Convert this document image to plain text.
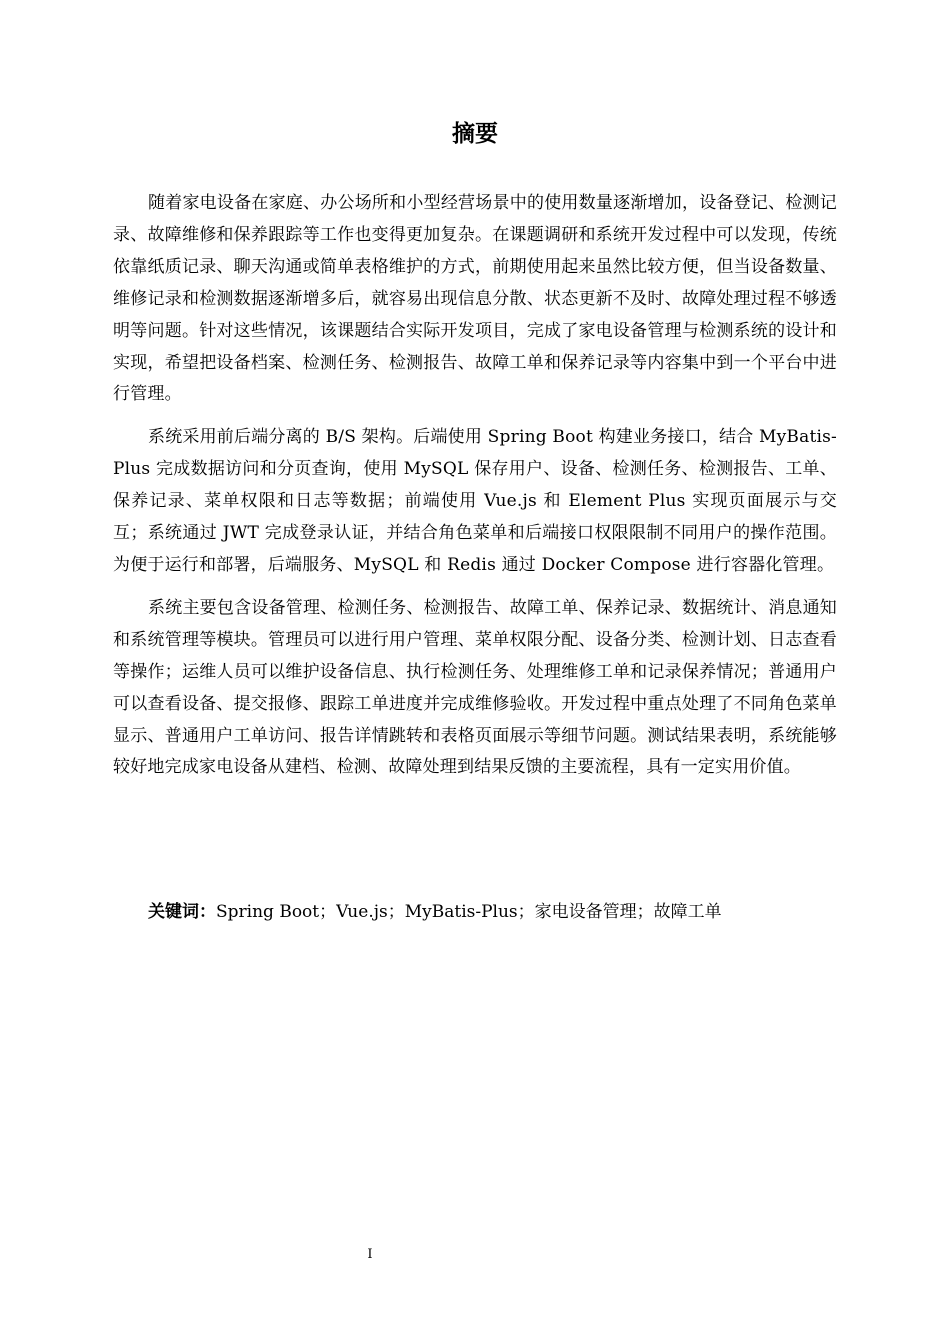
摘要

随着家电设备在家庭、办公场所和小型经营场景中的使用数量逐渐增加，设备登记、检测记录、故障维修和保养跟踪等工作也变得更加复杂。在课题调研和系统开发过程中可以发现，传统依靠纸质记录、聊天沟通或简单表格维护的方式，前期使用起来虽然比较方便，但当设备数量、维修记录和检测数据逐渐增多后，就容易出现信息分散、状态更新不及时、故障处理过程不够透明等问题。针对这些情况，该课题结合实际开发项目，完成了家电设备管理与检测系统的设计和实现，希望把设备档案、检测任务、检测报告、故障工单和保养记录等内容集中到一个平台中进行管理。

系统采用前后端分离的 B/S 架构。后端使用 Spring Boot 构建业务接口，结合 MyBatis-Plus 完成数据访问和分页查询，使用 MySQL 保存用户、设备、检测任务、检测报告、工单、保养记录、菜单权限和日志等数据；前端使用 Vue.js 和 Element Plus 实现页面展示与交互；系统通过 JWT 完成登录认证，并结合角色菜单和后端接口权限限制不同用户的操作范围。为便于运行和部署，后端服务、MySQL 和 Redis 通过 Docker Compose 进行容器化管理。

系统主要包含设备管理、检测任务、检测报告、故障工单、保养记录、数据统计、消息通知和系统管理等模块。管理员可以进行用户管理、菜单权限分配、设备分类、检测计划、日志查看等操作；运维人员可以维护设备信息、执行检测任务、处理维修工单和记录保养情况；普通用户可以查看设备、提交报修、跟踪工单进度并完成维修验收。开发过程中重点处理了不同角色菜单显示、普通用户工单访问、报告详情跳转和表格页面展示等细节问题。测试结果表明，系统能够较好地完成家电设备从建档、检测、故障处理到结果反馈的主要流程，具有一定实用价值。

关键词：Spring Boot；Vue.js；MyBatis-Plus；家电设备管理；故障工单

I
